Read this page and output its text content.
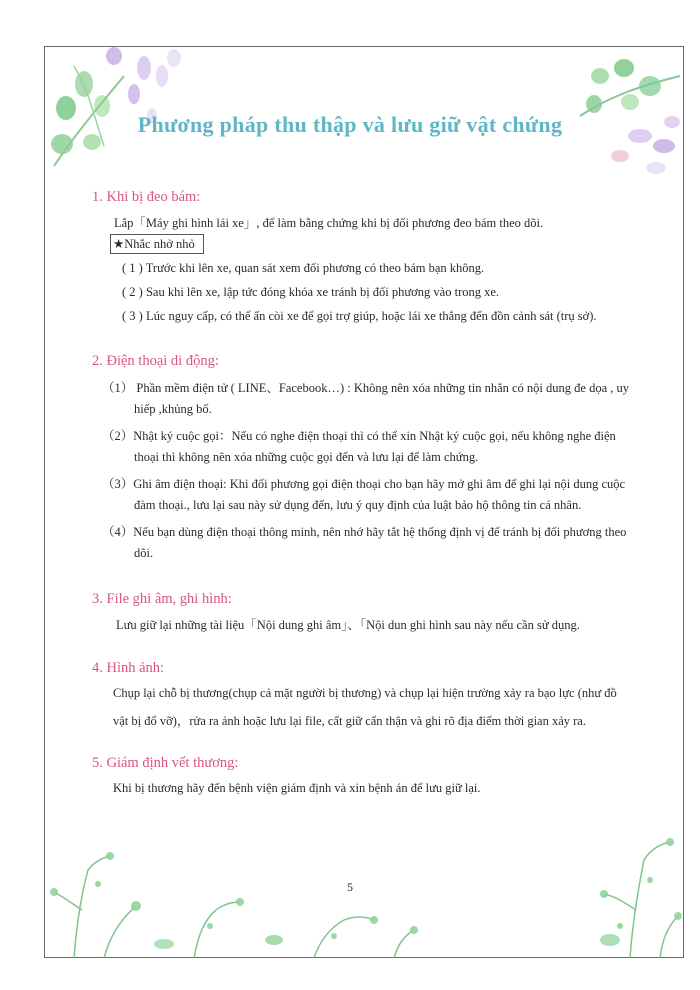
Phương pháp thu thập và lưu giữ vật chứng
1. Khi bị đeo bám:
Lắp「Máy ghi hình lái xe」, để làm bằng chứng khi bị đối phương đeo bám theo dõi.
★Nhắc nhở nhỏ
( 1 ) Trước khi lên xe, quan sát xem đối phương có theo bám bạn không.
( 2 ) Sau khi lên xe, lập tức đóng khóa xe tránh bị đối phương vào trong xe.
( 3 ) Lúc nguy cấp, có thể ấn còi xe để gọi trợ giúp, hoặc lái xe thẳng đến đồn cảnh sát (trụ sở).
2. Điện thoại di động:
（1） Phần mềm điện tử ( LINE、Facebook…) : Không nên xóa những tin nhắn có nội dung đe dọa , uy
hiếp ,khủng bố.
（2）Nhật ký cuộc gọi：Nếu có nghe điện thoại thì có thể xin Nhật ký cuộc gọi, nếu không nghe điện
thoại thì không nên xóa những cuộc gọi đến và lưu lại để làm chứng.
（3）Ghi âm điện thoại: Khi đối phương gọi điện thoại cho bạn hãy mở ghi âm để ghi lại nội dung cuộc
đàm thoại., lưu lại sau này sử dụng đến, lưu ý quy định của luật bảo hộ thông tin cá nhân.
（4）Nếu bạn dùng điện thoại thông minh, nên nhớ hãy tắt hệ thống định vị để tránh bị đối phương theo
dõi.
3. File ghi âm, ghi hình:
Lưu giữ lại những tài liệu「Nội dung ghi âm」、「Nội dun ghi hình sau này nếu cần sử dụng.
4. Hình ảnh:
Chụp lại chỗ bị thương(chụp cả mặt người bị thương) và chụp lại hiện trường xảy ra bạo lực (như đồ
vật bị đổ vỡ)，rửa ra ảnh hoặc lưu lại file, cất giữ cẩn thận và ghi rõ địa điểm thời gian xảy ra.
5. Giám định vết thương:
Khi bị thương hãy đến bệnh viện giám định và xin bệnh án để lưu giữ lại.
5
